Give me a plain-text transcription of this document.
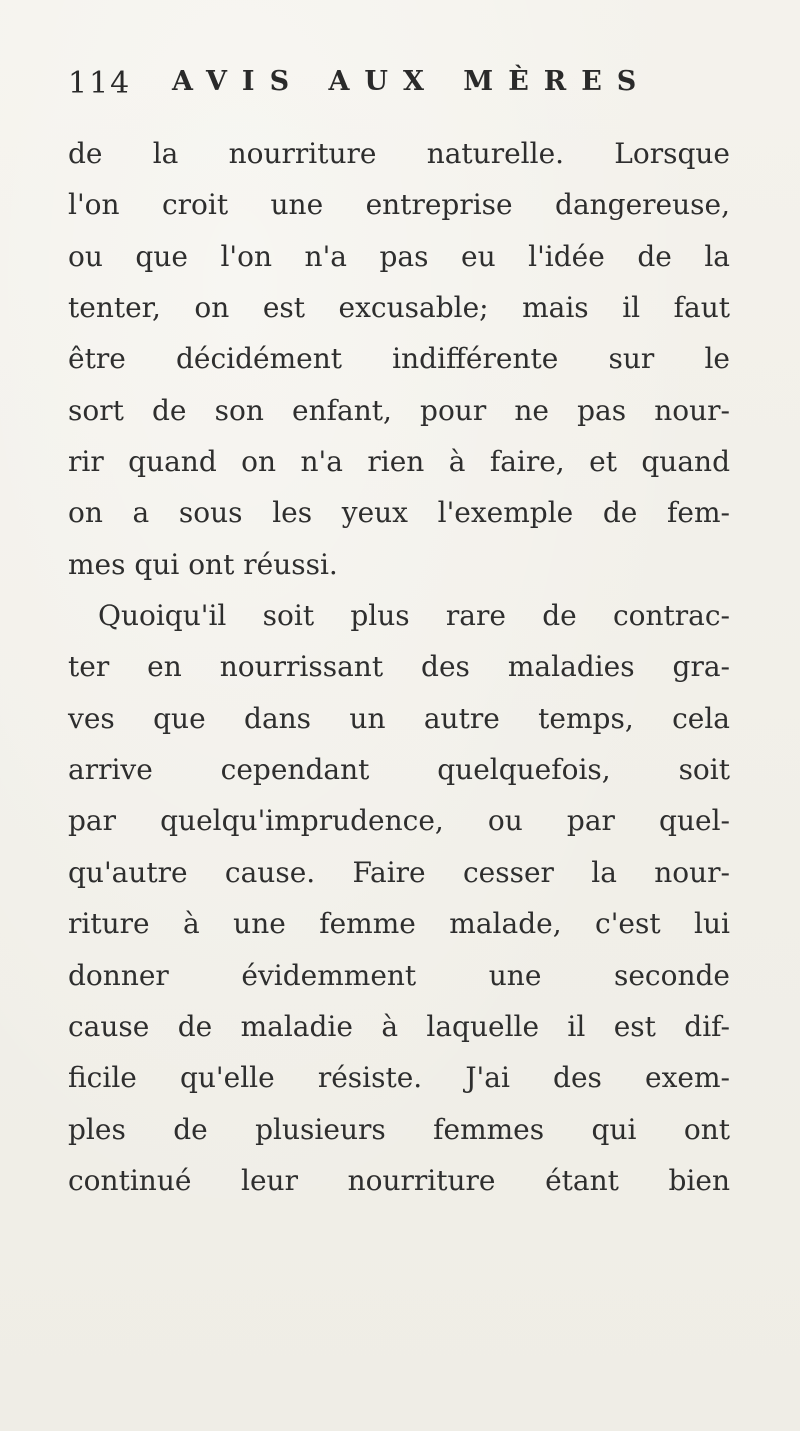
114 AVIS AUX MÈRES
de la nourriture naturelle. Lorsque
l'on croit une entreprise dangereuse,
ou que l'on n'a pas eu l'idée de la
tenter, on est excusable; mais il faut
être décidément indifférente sur le
sort de son enfant, pour ne pas nour-
rir quand on n'a rien à faire, et quand
on a sous les yeux l'exemple de fem-
mes qui ont réussi.
Quoiqu'il soit plus rare de contrac-
ter en nourrissant des maladies gra-
ves que dans un autre temps, cela
arrive cependant quelquefois, soit
par quelqu'imprudence, ou par quel-
qu'autre cause. Faire cesser la nour-
riture à une femme malade, c'est lui
donner évidemment une seconde
cause de maladie à laquelle il est dif-
ficile qu'elle résiste. J'ai des exem-
ples de plusieurs femmes qui ont
continué leur nourriture étant bien
